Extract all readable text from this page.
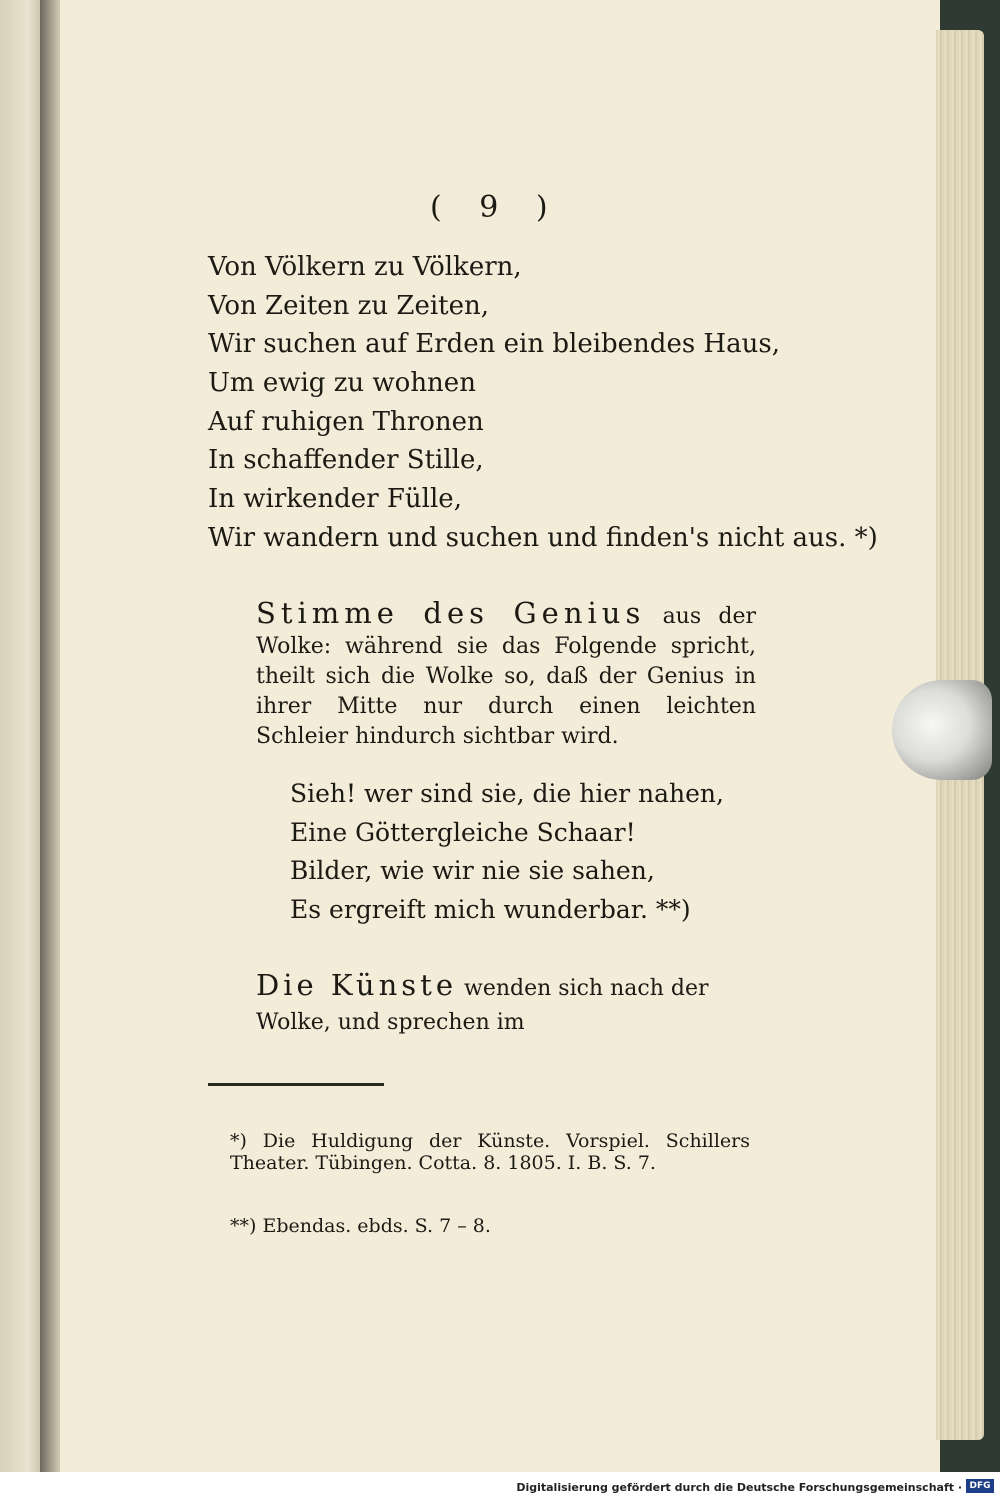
( 9 )
Von Völkern zu Völkern,
Von Zeiten zu Zeiten,
Wir suchen auf Erden ein bleibendes Haus,
Um ewig zu wohnen
Auf ruhigen Thronen
In schaffender Stille,
In wirkender Fülle,
Wir wandern und suchen und finden's nicht aus. *)
Stimme des Genius aus der Wolke: während sie das Folgende spricht, theilt sich die Wolke so, daß der Genius in ihrer Mitte nur durch einen leichten Schleier hindurch sichtbar wird.
Sieh! wer sind sie, die hier nahen,
Eine Göttergleiche Schaar!
Bilder, wie wir nie sie sahen,
Es ergreift mich wunderbar. **)
Die Künste wenden sich nach der Wolke, und sprechen im
*) Die Huldigung der Künste. Vorspiel. Schillers Theater. Tübingen. Cotta. 8. 1805. I. B. S. 7.
**) Ebendas. ebds. S. 7 – 8.
Digitalisierung gefördert durch die Deutsche Forschungsgemeinschaft · DFG
